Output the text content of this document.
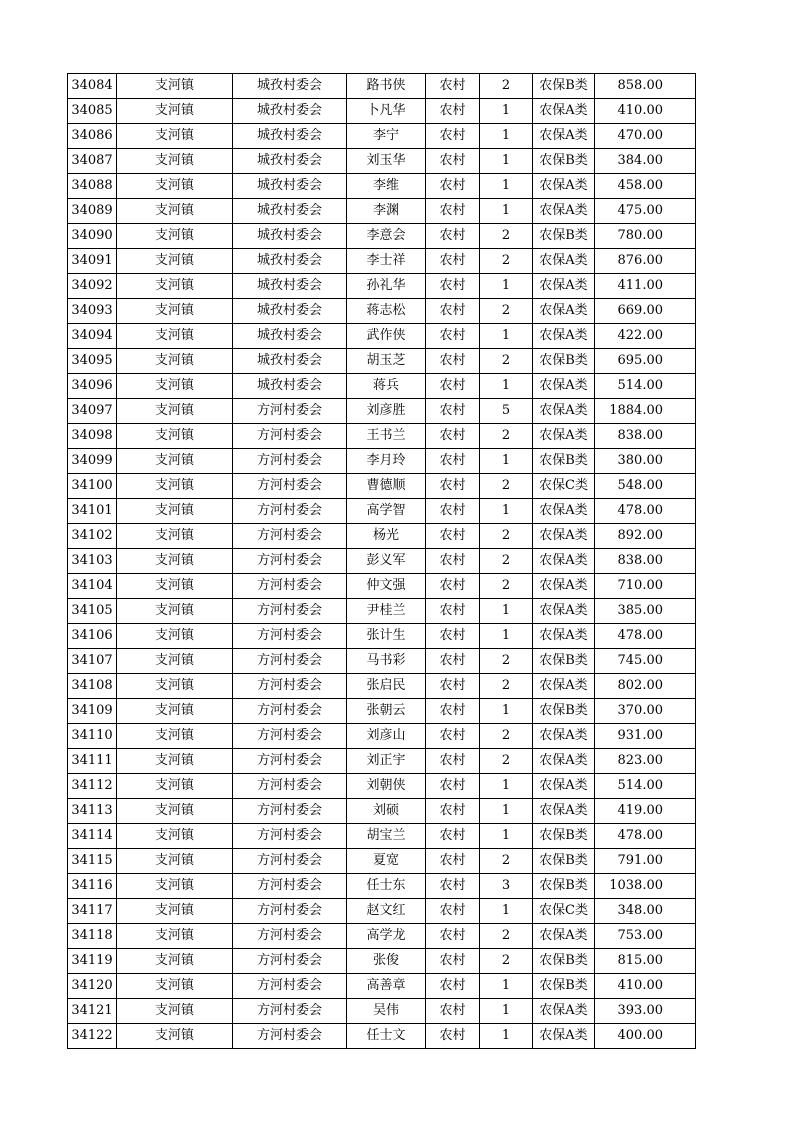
34084	支河镇	城孜村委会	路书侠	农村	2	农保B类	858.00
34085	支河镇	城孜村委会	卜凡华	农村	1	农保A类	410.00
34086	支河镇	城孜村委会	李宁	农村	1	农保A类	470.00
34087	支河镇	城孜村委会	刘玉华	农村	1	农保B类	384.00
34088	支河镇	城孜村委会	李维	农村	1	农保A类	458.00
34089	支河镇	城孜村委会	李渊	农村	1	农保A类	475.00
34090	支河镇	城孜村委会	李意会	农村	2	农保B类	780.00
34091	支河镇	城孜村委会	李士祥	农村	2	农保A类	876.00
34092	支河镇	城孜村委会	孙礼华	农村	1	农保A类	411.00
34093	支河镇	城孜村委会	蒋志松	农村	2	农保A类	669.00
34094	支河镇	城孜村委会	武作侠	农村	1	农保A类	422.00
34095	支河镇	城孜村委会	胡玉芝	农村	2	农保B类	695.00
34096	支河镇	城孜村委会	蒋兵	农村	1	农保A类	514.00
34097	支河镇	方河村委会	刘彦胜	农村	5	农保A类	1884.00
34098	支河镇	方河村委会	王书兰	农村	2	农保A类	838.00
34099	支河镇	方河村委会	李月玲	农村	1	农保B类	380.00
34100	支河镇	方河村委会	曹德顺	农村	2	农保C类	548.00
34101	支河镇	方河村委会	高学智	农村	1	农保A类	478.00
34102	支河镇	方河村委会	杨光	农村	2	农保A类	892.00
34103	支河镇	方河村委会	彭义军	农村	2	农保A类	838.00
34104	支河镇	方河村委会	仲文强	农村	2	农保A类	710.00
34105	支河镇	方河村委会	尹桂兰	农村	1	农保A类	385.00
34106	支河镇	方河村委会	张计生	农村	1	农保A类	478.00
34107	支河镇	方河村委会	马书彩	农村	2	农保B类	745.00
34108	支河镇	方河村委会	张启民	农村	2	农保A类	802.00
34109	支河镇	方河村委会	张朝云	农村	1	农保B类	370.00
34110	支河镇	方河村委会	刘彦山	农村	2	农保A类	931.00
34111	支河镇	方河村委会	刘正宇	农村	2	农保A类	823.00
34112	支河镇	方河村委会	刘朝侠	农村	1	农保A类	514.00
34113	支河镇	方河村委会	刘硕	农村	1	农保A类	419.00
34114	支河镇	方河村委会	胡宝兰	农村	1	农保B类	478.00
34115	支河镇	方河村委会	夏宽	农村	2	农保B类	791.00
34116	支河镇	方河村委会	任士东	农村	3	农保B类	1038.00
34117	支河镇	方河村委会	赵文红	农村	1	农保C类	348.00
34118	支河镇	方河村委会	高学龙	农村	2	农保A类	753.00
34119	支河镇	方河村委会	张俊	农村	2	农保B类	815.00
34120	支河镇	方河村委会	高善章	农村	1	农保B类	410.00
34121	支河镇	方河村委会	吴伟	农村	1	农保A类	393.00
34122	支河镇	方河村委会	任士文	农村	1	农保A类	400.00
